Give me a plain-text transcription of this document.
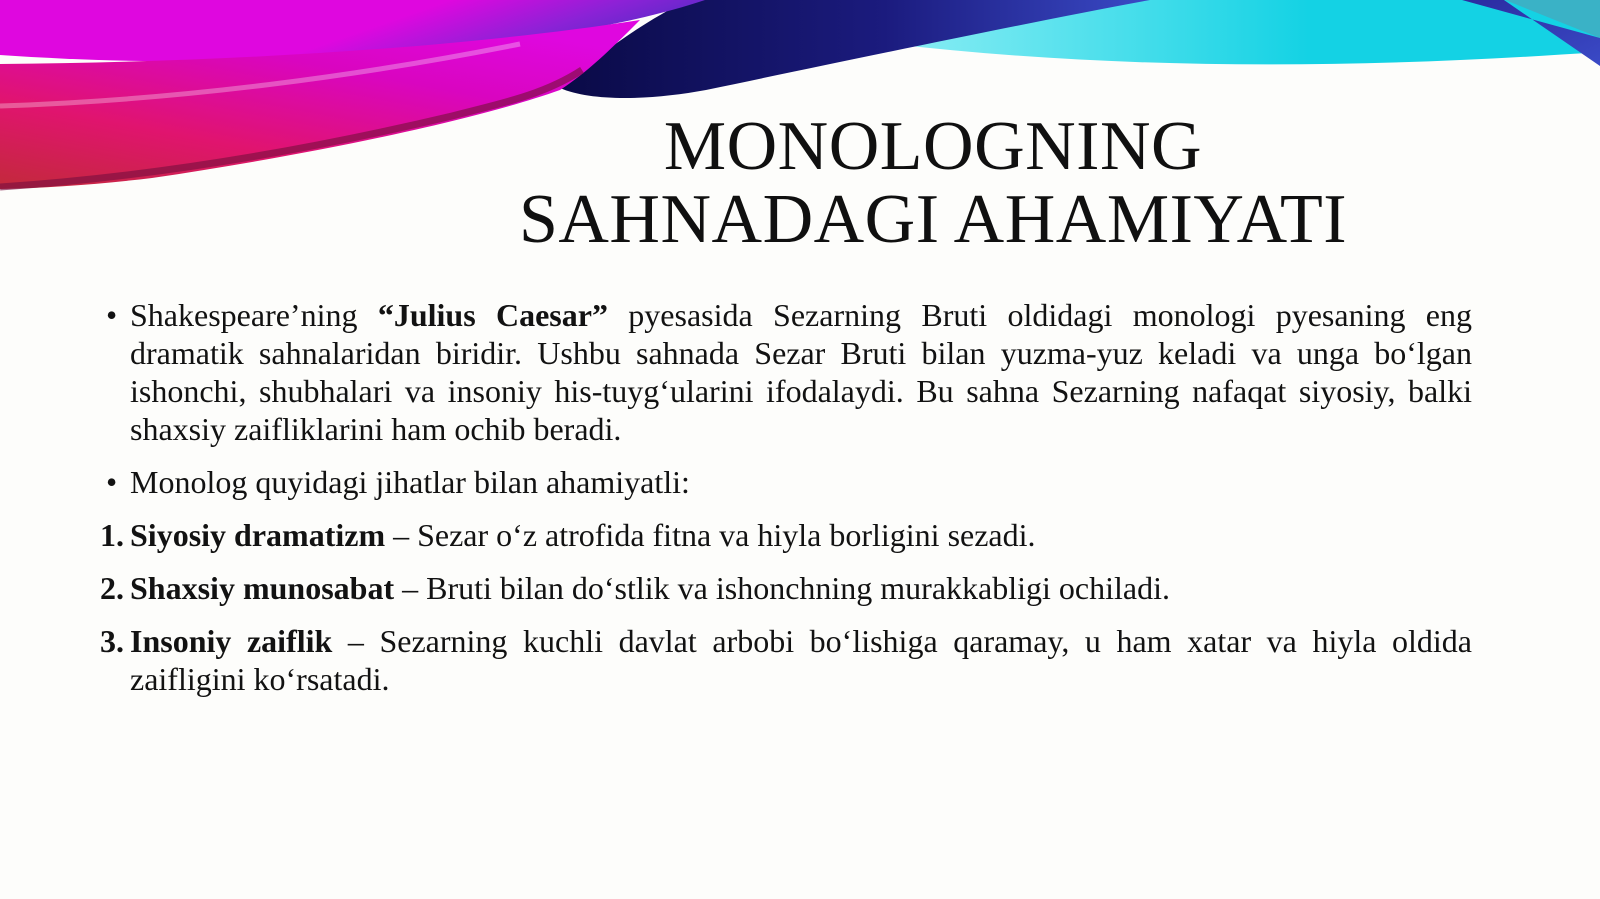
MONOLOGNING
SAHNADAGI AHAMIYATI
• Shakespeare’ning “Julius Caesar” pyesasida Sezarning Bruti oldidagi monologi pyesaning eng dramatik sahnalaridan biridir. Ushbu sahnada Sezar Bruti bilan yuzma-yuz keladi va unga bo‘lgan ishonchi, shubhalari va insoniy his-tuyg‘ularini ifodalaydi. Bu sahna Sezarning nafaqat siyosiy, balki shaxsiy zaifliklarini ham ochib beradi.
• Monolog quyidagi jihatlar bilan ahamiyatli:
1. Siyosiy dramatizm – Sezar o‘z atrofida fitna va hiyla borligini sezadi.
2. Shaxsiy munosabat – Bruti bilan do‘stlik va ishonchning murakkabligi ochiladi.
3. Insoniy zaiflik – Sezarning kuchli davlat arbobi bo‘lishiga qaramay, u ham xatar va hiyla oldida zaifligini ko‘rsatadi.
